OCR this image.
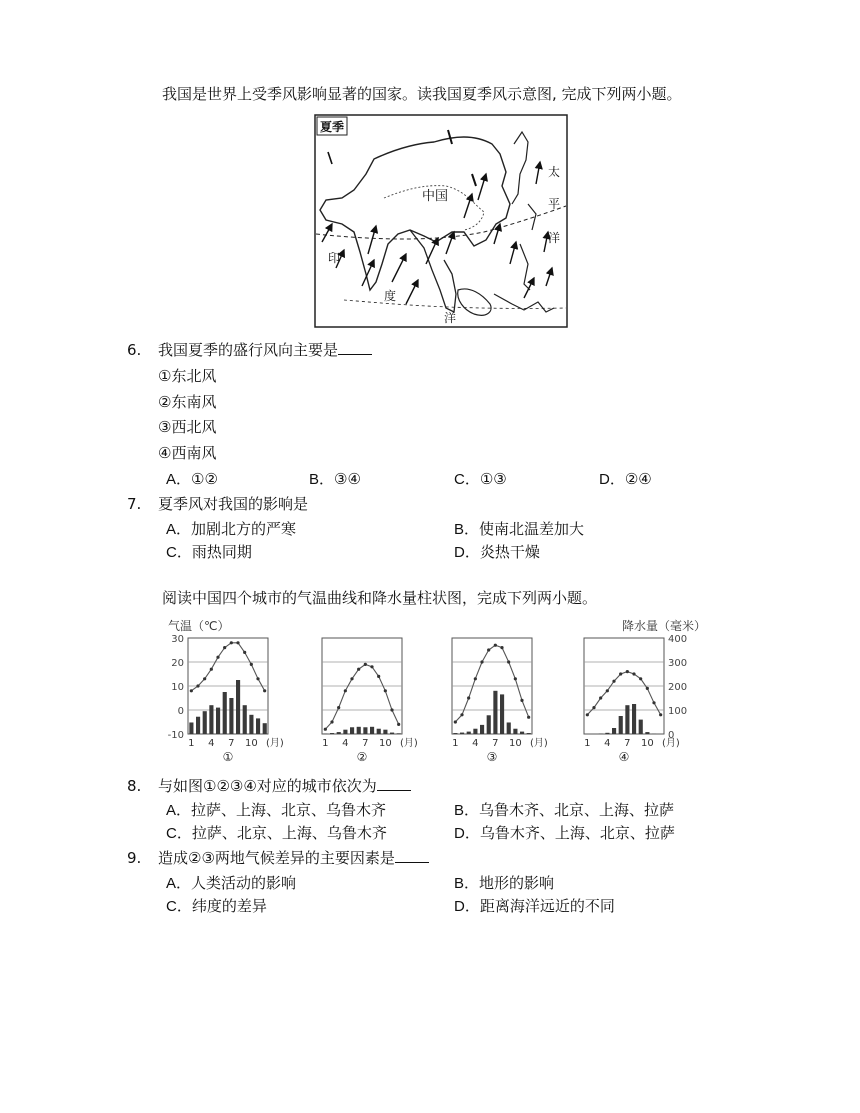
我国是世界上受季风影响显著的国家。读我国夏季风示意图, 完成下列两小题。
夏季
中国
太
平
洋
印
度
洋
6. 我国夏季的盛行风向主要是
①东北风
②东南风
③西北风
④西南风
A．①②	B．③④	C．①③	D．②④
7. 夏季风对我国的影响是
A．加剧北方的严寒	B．使南北温差加大
C．雨热同期	D．炎热干燥
阅读中国四个城市的气温曲线和降水量柱状图，完成下列两小题。
气温（℃）	降水量（毫米）
30
20
10
0
-10
400
300
200
100
0
1 4 7 10 (月)
①
1 4 7 10 (月)
②
1 4 7 10 (月)
③
1 4 7 10 (月)
④
8. 与如图①②③④对应的城市依次为
A．拉萨、上海、北京、乌鲁木齐	B．乌鲁木齐、北京、上海、拉萨
C．拉萨、北京、上海、乌鲁木齐	D．乌鲁木齐、上海、北京、拉萨
9. 造成②③两地气候差异的主要因素是
A．人类活动的影响	B．地形的影响
C．纬度的差异	D．距离海洋远近的不同
